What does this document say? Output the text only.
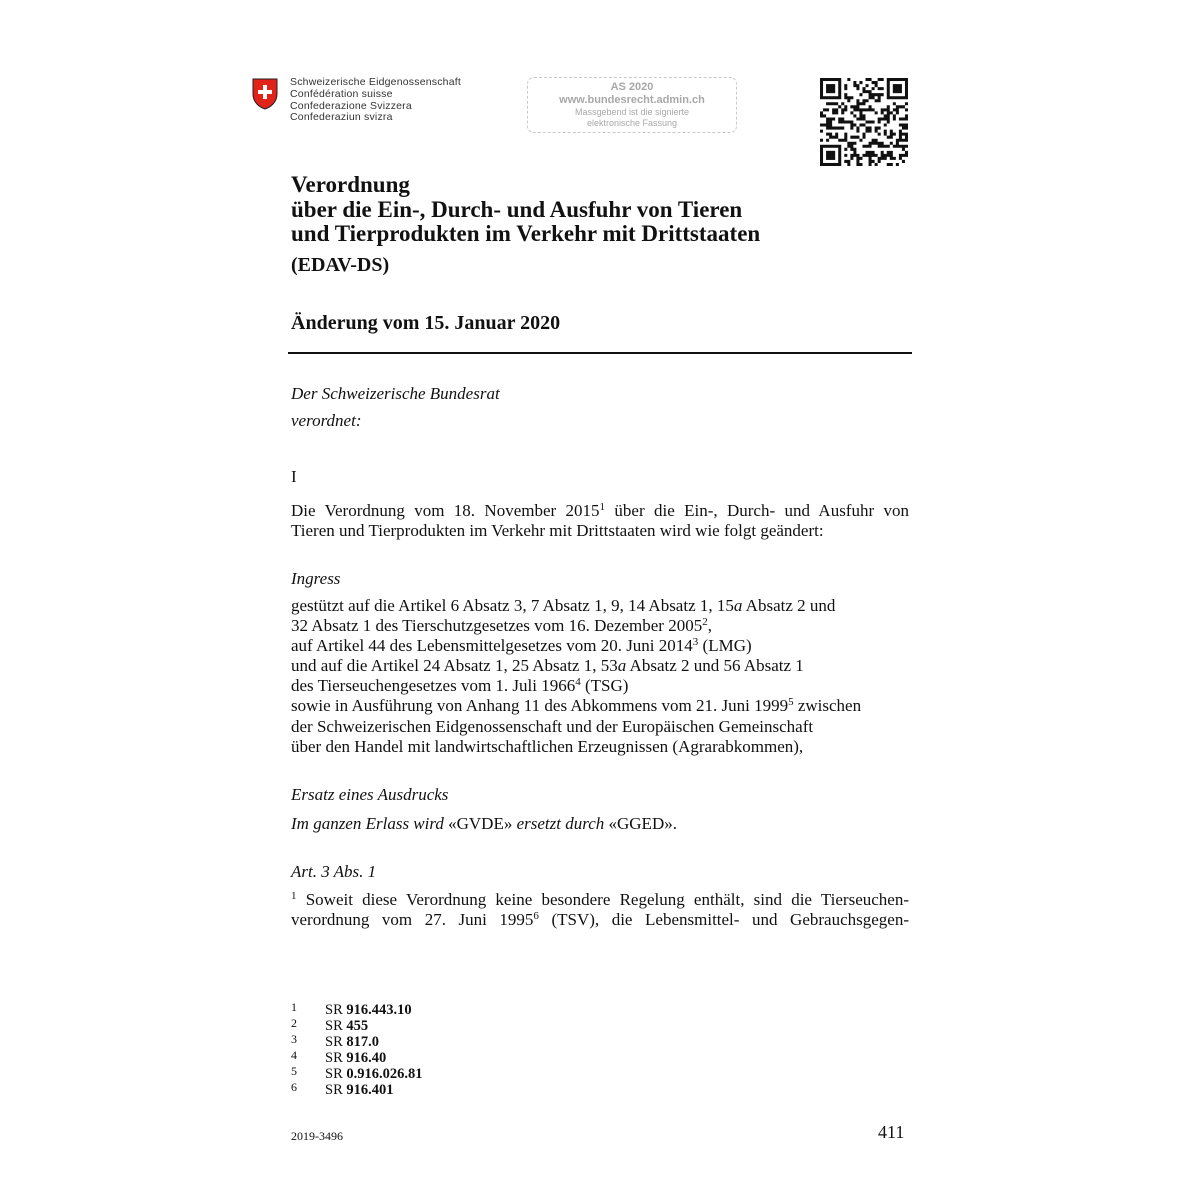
Schweizerische Eidgenossenschaft
Confédération suisse
Confederazione Svizzera
Confederaziun svizra
AS 2020
www.bundesrecht.admin.ch
Massgebend ist die signierte
elektronische Fassung
Verordnung
über die Ein-, Durch- und Ausfuhr von Tieren
und Tierprodukten im Verkehr mit Drittstaaten
(EDAV-DS)
Änderung vom 15. Januar 2020
Der Schweizerische Bundesrat
verordnet:
I
Die Verordnung vom 18. November 2015$^1$ über die Ein-, Durch- und Ausfuhr von
Tieren und Tierprodukten im Verkehr mit Drittstaaten wird wie folgt geändert:
Ingress
gestützt auf die Artikel 6 Absatz 3, 7 Absatz 1, 9, 14 Absatz 1, 15a Absatz 2 und
32 Absatz 1 des Tierschutzgesetzes vom 16. Dezember 2005$^2$,
auf Artikel 44 des Lebensmittelgesetzes vom 20. Juni 2014$^3$ (LMG)
und auf die Artikel 24 Absatz 1, 25 Absatz 1, 53a Absatz 2 und 56 Absatz 1
des Tierseuchengesetzes vom 1. Juli 1966$^4$ (TSG)
sowie in Ausführung von Anhang 11 des Abkommens vom 21. Juni 1999$^5$ zwischen
der Schweizerischen Eidgenossenschaft und der Europäischen Gemeinschaft
über den Handel mit landwirtschaftlichen Erzeugnissen (Agrarabkommen),
Ersatz eines Ausdrucks
Im ganzen Erlass wird «GVDE» ersetzt durch «GGED».
Art. 3 Abs. 1
$^1$ Soweit diese Verordnung keine besondere Regelung enthält, sind die Tierseuchen-
verordnung vom 27. Juni 1995$^6$ (TSV), die Lebensmittel- und Gebrauchsgegen-
1 SR 916.443.10
2 SR 455
3 SR 817.0
4 SR 916.40
5 SR 0.916.026.81
6 SR 916.401
2019-3496	411
